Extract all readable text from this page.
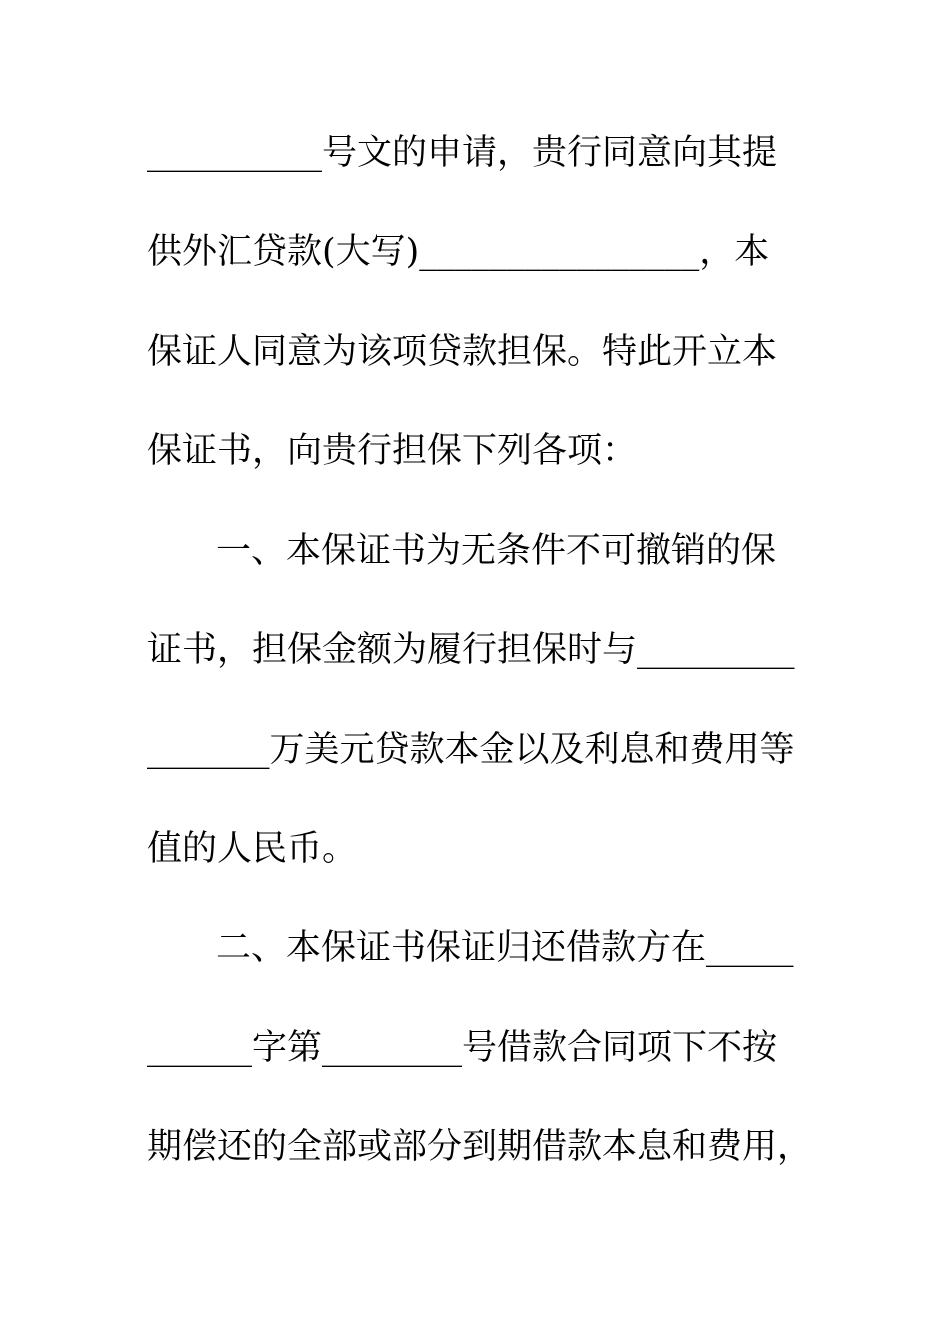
__________号文的申请，贵行同意向其提
供外汇贷款(大写)________________，本
保证人同意为该项贷款担保。特此开立本
保证书，向贵行担保下列各项：
一、本保证书为无条件不可撤销的保
证书，担保金额为履行担保时与_________
_______万美元贷款本金以及利息和费用等
值的人民币。
二、本保证书保证归还借款方在_____
______字第________号借款合同项下不按
期偿还的全部或部分到期借款本息和费用，
